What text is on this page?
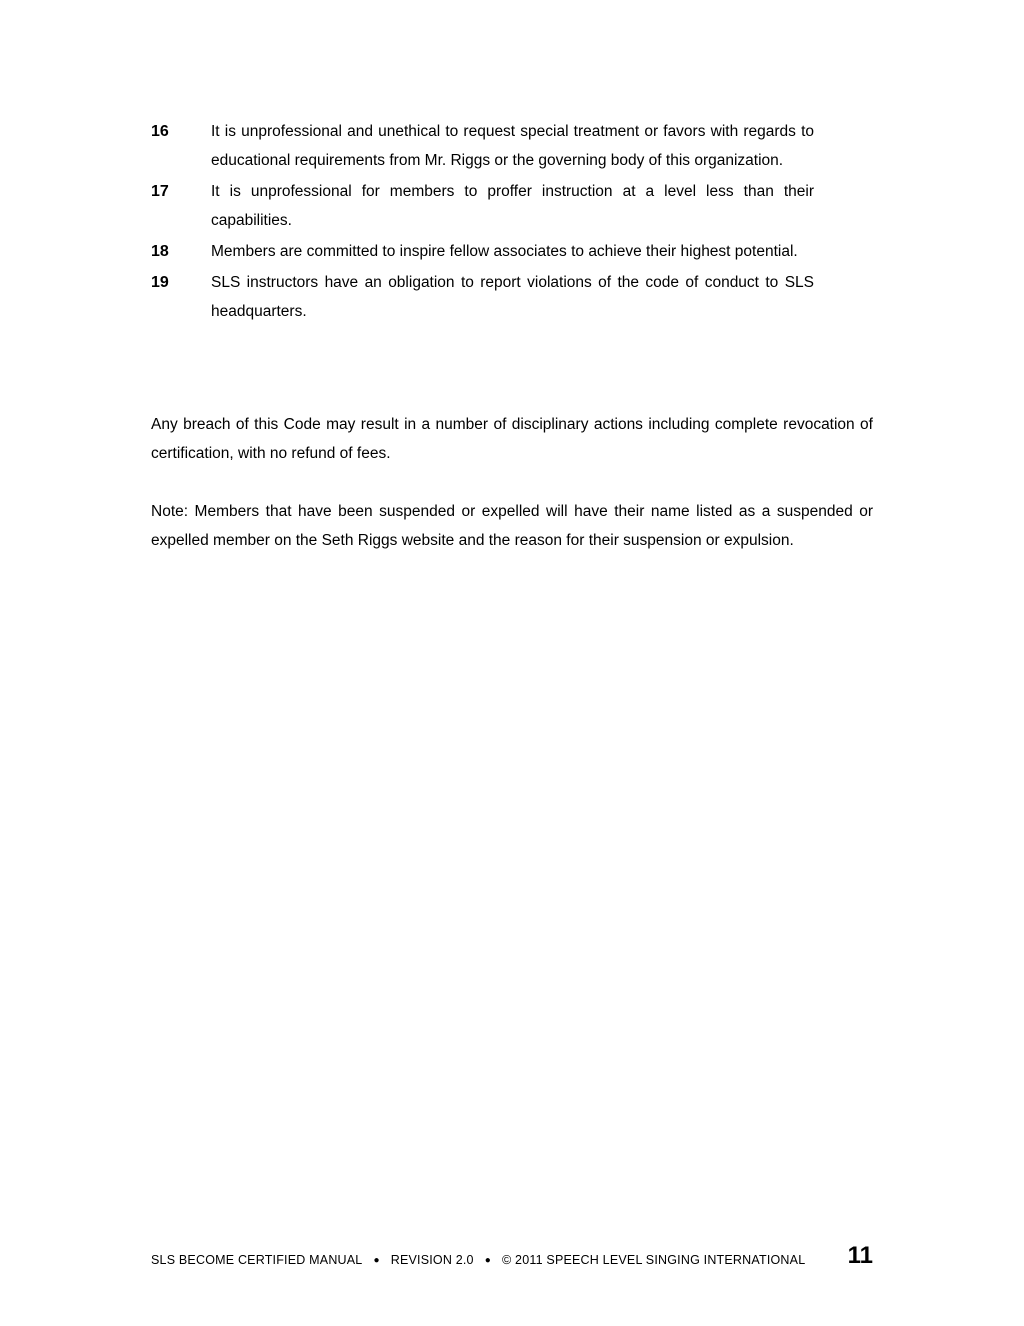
16	It is unprofessional and unethical to request special treatment or favors with regards to educational requirements from Mr. Riggs or the governing body of this organization.
17	It is unprofessional for members to proffer instruction at a level less than their capabilities.
18	Members are committed to inspire fellow associates to achieve their highest potential.
19	SLS instructors have an obligation to report violations of the code of conduct to SLS headquarters.

Any breach of this Code may result in a number of disciplinary actions including complete revocation of certification, with no refund of fees.

Note: Members that have been suspended or expelled will have their name listed as a suspended or expelled member on the Seth Riggs website and the reason for their suspension or expulsion.

SLS BECOME CERTIFIED MANUAL ● REVISION 2.0 ● © 2011 SPEECH LEVEL SINGING INTERNATIONAL 11
